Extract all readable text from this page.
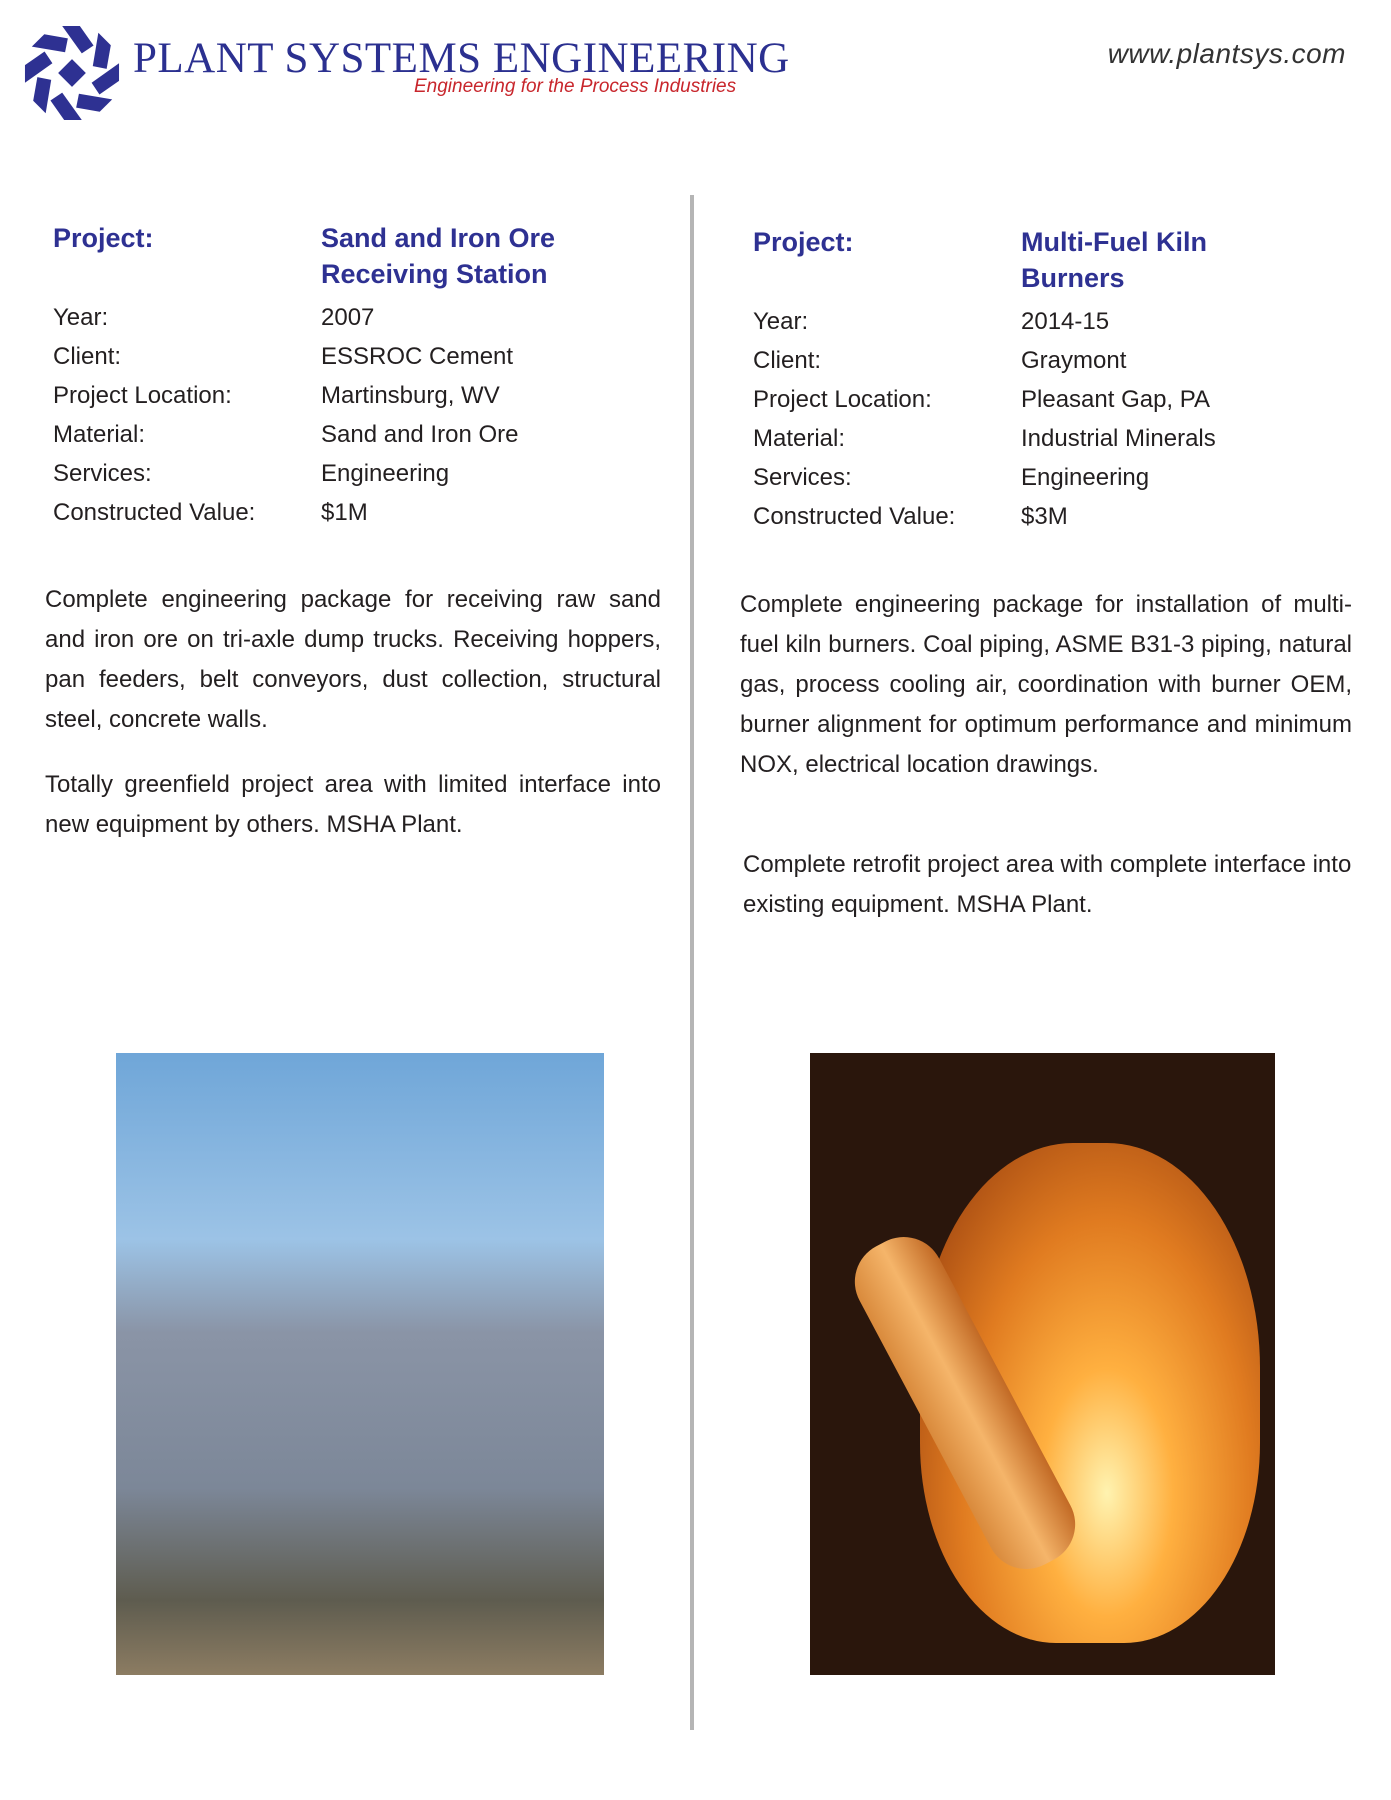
PLANT SYSTEMS ENGINEERING
Engineering for the Process Industries
www.plantsys.com
Project:	Sand and Iron Ore Receiving Station
Year:	2007
Client:	ESSROC Cement
Project Location:	Martinsburg, WV
Material:	Sand and Iron Ore
Services:	Engineering
Constructed Value:	$1M
Project:	Multi-Fuel Kiln Burners
Year:	2014-15
Client:	Graymont
Project Location:	Pleasant Gap, PA
Material:	Industrial Minerals
Services:	Engineering
Constructed Value:	$3M

Complete engineering package for receiving raw sand and iron ore on tri-axle dump trucks. Receiving hoppers, pan feeders, belt conveyors, dust collection, structural steel, concrete walls.

Totally greenfield project area with limited interface into new equipment by others. MSHA Plant.

Complete engineering package for installation of multi-fuel kiln burners. Coal piping, ASME B31-3 piping, natural gas, process cooling air, coordination with burner OEM, burner alignment for optimum performance and minimum NOX, electrical location drawings.

Complete retrofit project area with complete interface into existing equipment. MSHA Plant.
